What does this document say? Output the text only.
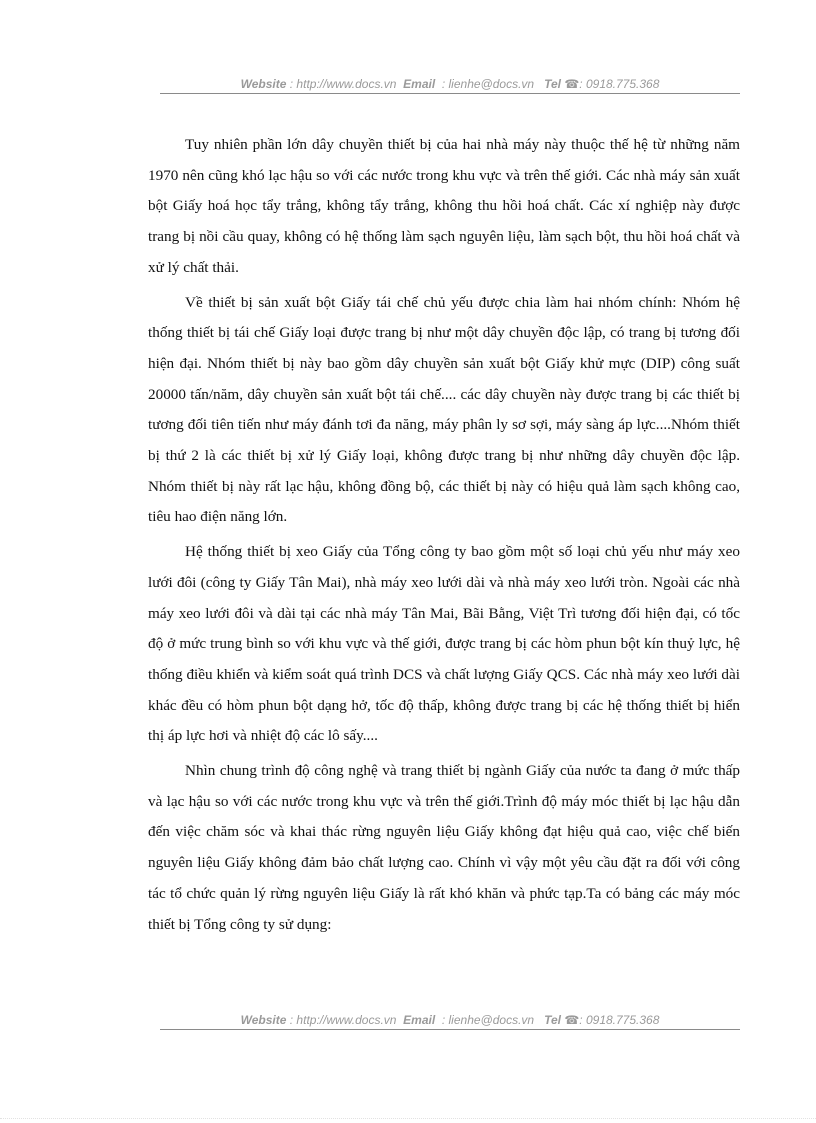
Website : http://www.docs.vn Email : lienhe@docs.vn Tel ☎: 0918.775.368

Tuy nhiên phần lớn dây chuyền thiết bị của hai nhà máy này thuộc thế hệ từ những năm 1970 nên cũng khó lạc hậu so với các nước trong khu vực và trên thế giới. Các nhà máy sản xuất bột Giấy hoá học tẩy trắng, không tẩy trắng, không thu hồi hoá chất. Các xí nghiệp này được trang bị nồi cầu quay, không có hệ thống làm sạch nguyên liệu, làm sạch bột, thu hồi hoá chất và xử lý chất thải.

Về thiết bị sản xuất bột Giấy tái chế chủ yếu được chia làm hai nhóm chính: Nhóm hệ thống thiết bị tái chế Giấy loại được trang bị như một dây chuyền độc lập, có trang bị tương đối hiện đại. Nhóm thiết bị này bao gồm dây chuyền sản xuất bột Giấy khử mực (DIP) công suất 20000 tấn/năm, dây chuyền sản xuất bột tái chế.... các dây chuyền này được trang bị các thiết bị tương đối tiên tiến như máy đánh tơi đa năng, máy phân ly sơ sợi, máy sàng áp lực....Nhóm thiết bị thứ 2 là các thiết bị xử lý Giấy loại, không được trang bị như những dây chuyền độc lập. Nhóm thiết bị này rất lạc hậu, không đồng bộ, các thiết bị này có hiệu quả làm sạch không cao, tiêu hao điện năng lớn.

Hệ thống thiết bị xeo Giấy của Tổng công ty bao gồm một số loại chủ yếu như máy xeo lưới đôi (công ty Giấy Tân Mai), nhà máy xeo lưới dài và nhà máy xeo lưới tròn. Ngoài các nhà máy xeo lưới đôi và dài tại các nhà máy Tân Mai, Bãi Bằng, Việt Trì tương đối hiện đại, có tốc độ ở mức trung bình so với khu vực và thế giới, được trang bị các hòm phun bột kín thuỷ lực, hệ thống điều khiển và kiểm soát quá trình DCS và chất lượng Giấy QCS. Các nhà máy xeo lưới dài khác đều có hòm phun bột dạng hở, tốc độ thấp, không được trang bị các hệ thống thiết bị hiển thị áp lực hơi và nhiệt độ các lô sấy....

Nhìn chung trình độ công nghệ và trang thiết bị ngành Giấy của nước ta đang ở mức thấp và lạc hậu so với các nước trong khu vực và trên thế giới.Trình độ máy móc thiết bị lạc hậu dẫn đến việc chăm sóc và khai thác rừng nguyên liệu Giấy không đạt hiệu quả cao, việc chế biến nguyên liệu Giấy không đảm bảo chất lượng cao. Chính vì vậy một yêu cầu đặt ra đối với công tác tổ chức quản lý rừng nguyên liệu Giấy là rất khó khăn và phức tạp.Ta có bảng các máy móc thiết bị Tổng công ty sử dụng:

Website : http://www.docs.vn Email : lienhe@docs.vn Tel ☎: 0918.775.368
